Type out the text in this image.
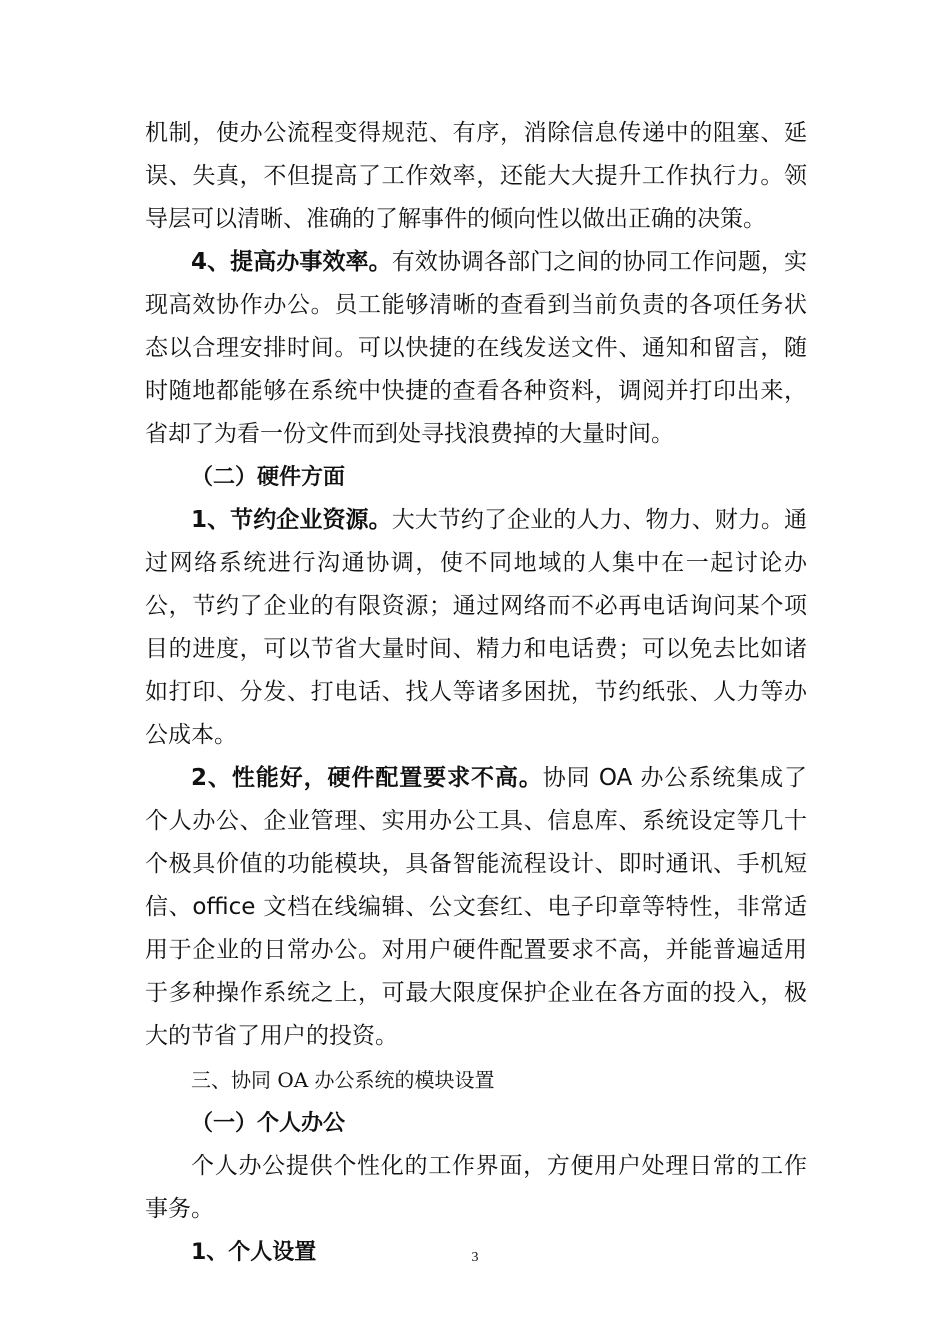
机制，使办公流程变得规范、有序，消除信息传递中的阻塞、延误、失真，不但提高了工作效率，还能大大提升工作执行力。领导层可以清晰、准确的了解事件的倾向性以做出正确的决策。

4、提高办事效率。有效协调各部门之间的协同工作问题，实现高效协作办公。员工能够清晰的查看到当前负责的各项任务状态以合理安排时间。可以快捷的在线发送文件、通知和留言，随时随地都能够在系统中快捷的查看各种资料，调阅并打印出来，省却了为看一份文件而到处寻找浪费掉的大量时间。

（二）硬件方面

1、节约企业资源。大大节约了企业的人力、物力、财力。通过网络系统进行沟通协调，使不同地域的人集中在一起讨论办公，节约了企业的有限资源；通过网络而不必再电话询问某个项目的进度，可以节省大量时间、精力和电话费；可以免去比如诸如打印、分发、打电话、找人等诸多困扰，节约纸张、人力等办公成本。

2、性能好，硬件配置要求不高。协同 OA 办公系统集成了个人办公、企业管理、实用办公工具、信息库、系统设定等几十个极具价值的功能模块，具备智能流程设计、即时通讯、手机短信、office 文档在线编辑、公文套红、电子印章等特性，非常适用于企业的日常办公。对用户硬件配置要求不高，并能普遍适用于多种操作系统之上，可最大限度保护企业在各方面的投入，极大的节省了用户的投资。

三、协同 OA 办公系统的模块设置

（一）个人办公

个人办公提供个性化的工作界面，方便用户处理日常的工作事务。

1、个人设置	3
